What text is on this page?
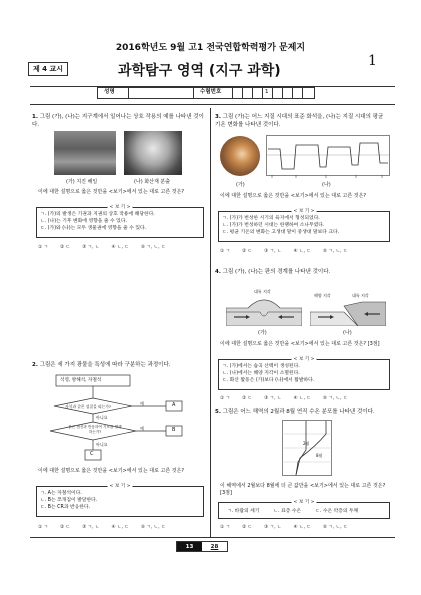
2016학년도 9월 고1 전국연합학력평가 문제지
1
제 4 교시	과학탐구 영역 (지구 과학)
성명	수험번호	1
1. 그림 (가), (나)는 지구계에서 일어나는 상호 작용의 예를 나타낸 것이다.
(가) 지진 해일	(나) 화산재 분출
이에 대한 설명으로 옳은 것만을 <보기>에서 있는 대로 고른 것은?
< 보 기 >
ㄱ. (가)의 발생은 기권과 지권의 상호 작용에 해당한다.
ㄴ. (나)는 기후 변화에 영향을 줄 수 있다.
ㄷ. (가)와 (나)는 모두 생물권에 영향을 줄 수 있다.
① ㄱ	② ㄷ	③ ㄱ, ㄴ	④ ㄴ, ㄷ	⑤ ㄱ, ㄴ, ㄷ
2. 그림은 세 가지 광물을 특성에 따라 구분하는 과정이다.
석영, 방해석, 자철석
자석과 같은 성질을 띠는가?
예
아니요
A
묽은 염산과 반응하여 기포를 발생하는가?
예
아니요
B
C
이에 대한 설명으로 옳은 것만을 <보기>에서 있는 대로 고른 것은?
< 보 기 >
ㄱ. A는 자철석이다.
ㄴ. B는 쪼개짐이 발달한다.
ㄷ. B는 CR과 반응한다.
① ㄱ	② ㄷ	③ ㄱ, ㄴ	④ ㄴ, ㄷ	⑤ ㄱ, ㄴ, ㄷ
3. 그림 (가)는 어느 지질 시대의 표준 화석을, (나)는 지질 시대의 평균 기온 변화를 나타낸 것이다.
(가)	(나)
이에 대한 설명으로 옳은 것만을 <보기>에서 있는 대로 고른 것은?
< 보 기 >
ㄱ. (가)가 번성한 시기의 육지에서 형성되었다.
ㄴ. (가)가 번성하던 시대는 한랭하여 소나무였다.
ㄷ. 평균 기온의 변화는 고생대 말이 중생대 말보다 크다.
① ㄱ	② ㄷ	③ ㄱ, ㄴ	④ ㄴ, ㄷ	⑤ ㄱ, ㄴ, ㄷ
4. 그림 (가), (나)는 판의 경계를 나타낸 것이다.
대륙 지각
해양 지각	대륙 지각
(가)	(나)
이에 대한 설명으로 옳은 것만을 <보기>에서 있는 대로 고른 것은? [3점]
< 보 기 >
ㄱ. (가)에서는 습곡 산맥이 생성된다.
ㄴ. (나)에서는 해양 지각이 소멸된다.
ㄷ. 화산 활동은 (가)보다 (나)에서 활발하다.
① ㄱ	② ㄷ	③ ㄱ, ㄴ	④ ㄴ, ㄷ	⑤ ㄱ, ㄴ, ㄷ
5. 그림은 어느 해역의 2월과 8월 연직 수온 분포를 나타낸 것이다.
2월
8월
이 해역에서 2월보다 8월에 더 큰 값만을 <보기>에서 있는 대로 고른 것은? [3점]
< 보 기 >
ㄱ. 바람의 세기	ㄴ. 표층 수온	ㄷ. 수온 약층의 두께
① ㄱ	② ㄷ	③ ㄱ, ㄴ	④ ㄴ, ㄷ	⑤ ㄱ, ㄴ, ㄷ
13	28
